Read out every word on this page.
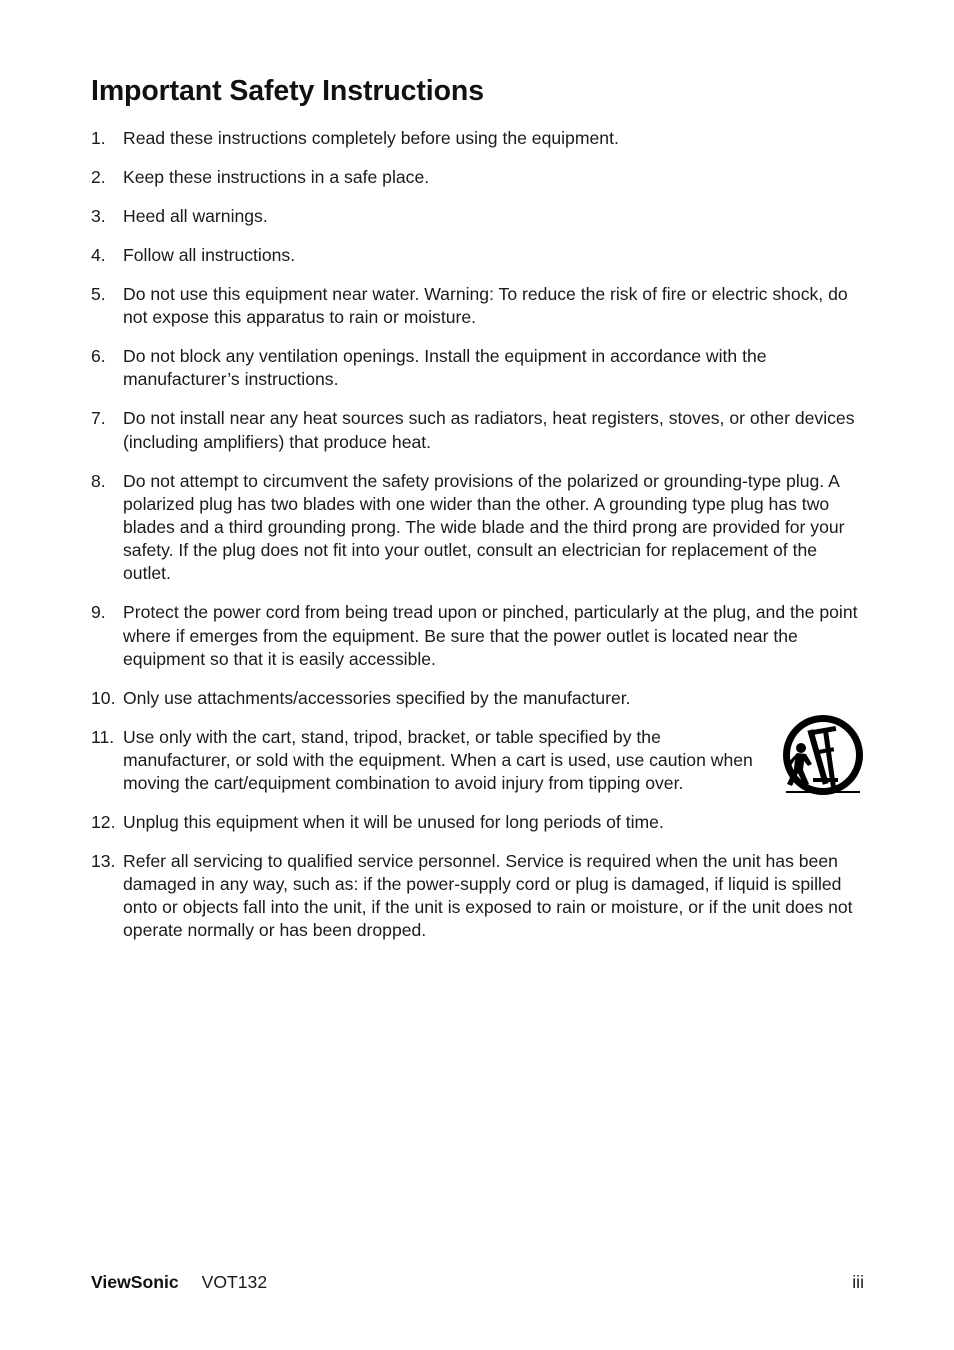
Important Safety Instructions
1. Read these instructions completely before using the equipment.
2. Keep these instructions in a safe place.
3. Heed all warnings.
4. Follow all instructions.
5. Do not use this equipment near water. Warning: To reduce the risk of fire or electric shock, do not expose this apparatus to rain or moisture.
6. Do not block any ventilation openings. Install the equipment in accordance with the manufacturer’s instructions.
7. Do not install near any heat sources such as radiators, heat registers, stoves, or other devices (including amplifiers) that produce heat.
8. Do not attempt to circumvent the safety provisions of the polarized or grounding-type plug. A polarized plug has two blades with one wider than the other. A grounding type plug has two blades and a third grounding prong. The wide blade and the third prong are provided for your safety. If the plug does not fit into your outlet, consult an electrician for replacement of the outlet.
9. Protect the power cord from being tread upon or pinched, particularly at the plug, and the point where if emerges from the equipment. Be sure that the power outlet is located near the equipment so that it is easily accessible.
10. Only use attachments/accessories specified by the manufacturer.
11. Use only with the cart, stand, tripod, bracket, or table specified by the manufacturer, or sold with the equipment. When a cart is used, use caution when moving the cart/equipment combination to avoid injury from tipping over.
12. Unplug this equipment when it will be unused for long periods of time.
13. Refer all servicing to qualified service personnel. Service is required when the unit has been damaged in any way, such as: if the power-supply cord or plug is damaged, if liquid is spilled onto or objects fall into the unit, if the unit is exposed to rain or moisture, or if the unit does not operate normally or has been dropped.
ViewSonic VOT132	iii
